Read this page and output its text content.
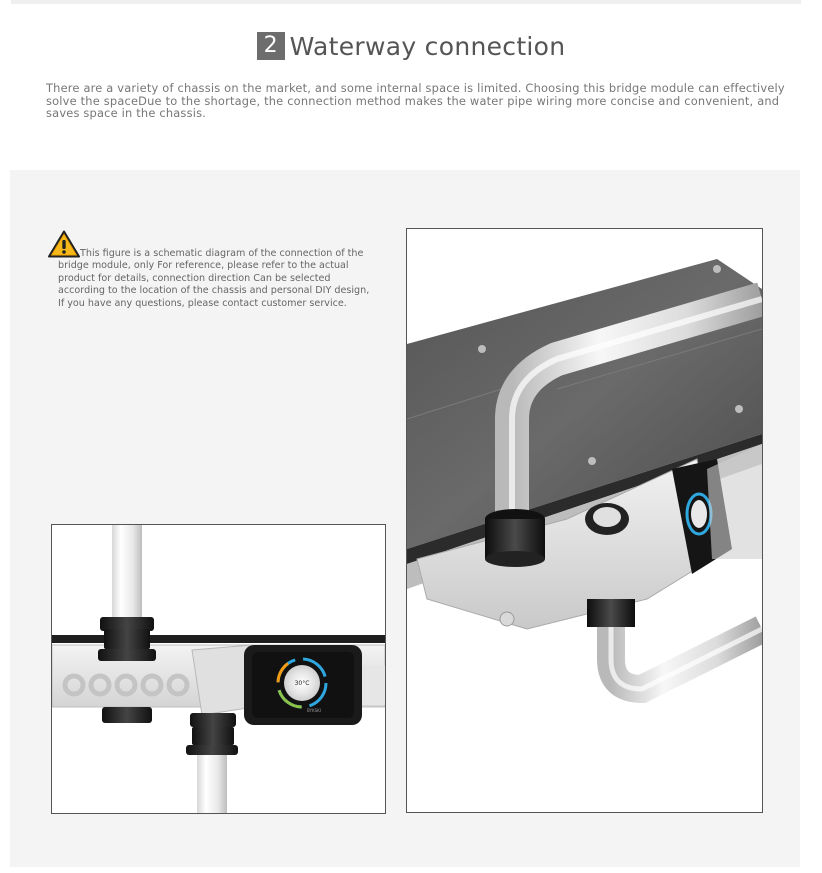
2 Waterway connection

There are a variety of chassis on the market, and some internal space is limited. Choosing this bridge module can effectively solve the spaceDue to the shortage, the connection method makes the water pipe wiring more concise and convenient, and saves space in the chassis.

This figure is a schematic diagram of the connection of the
bridge module, only For reference, please refer to the actual
product for details, connection direction Can be selected
according to the location of the chassis and personal DIY design,
If you have any questions, please contact customer service.

30°C
BYKSKI
